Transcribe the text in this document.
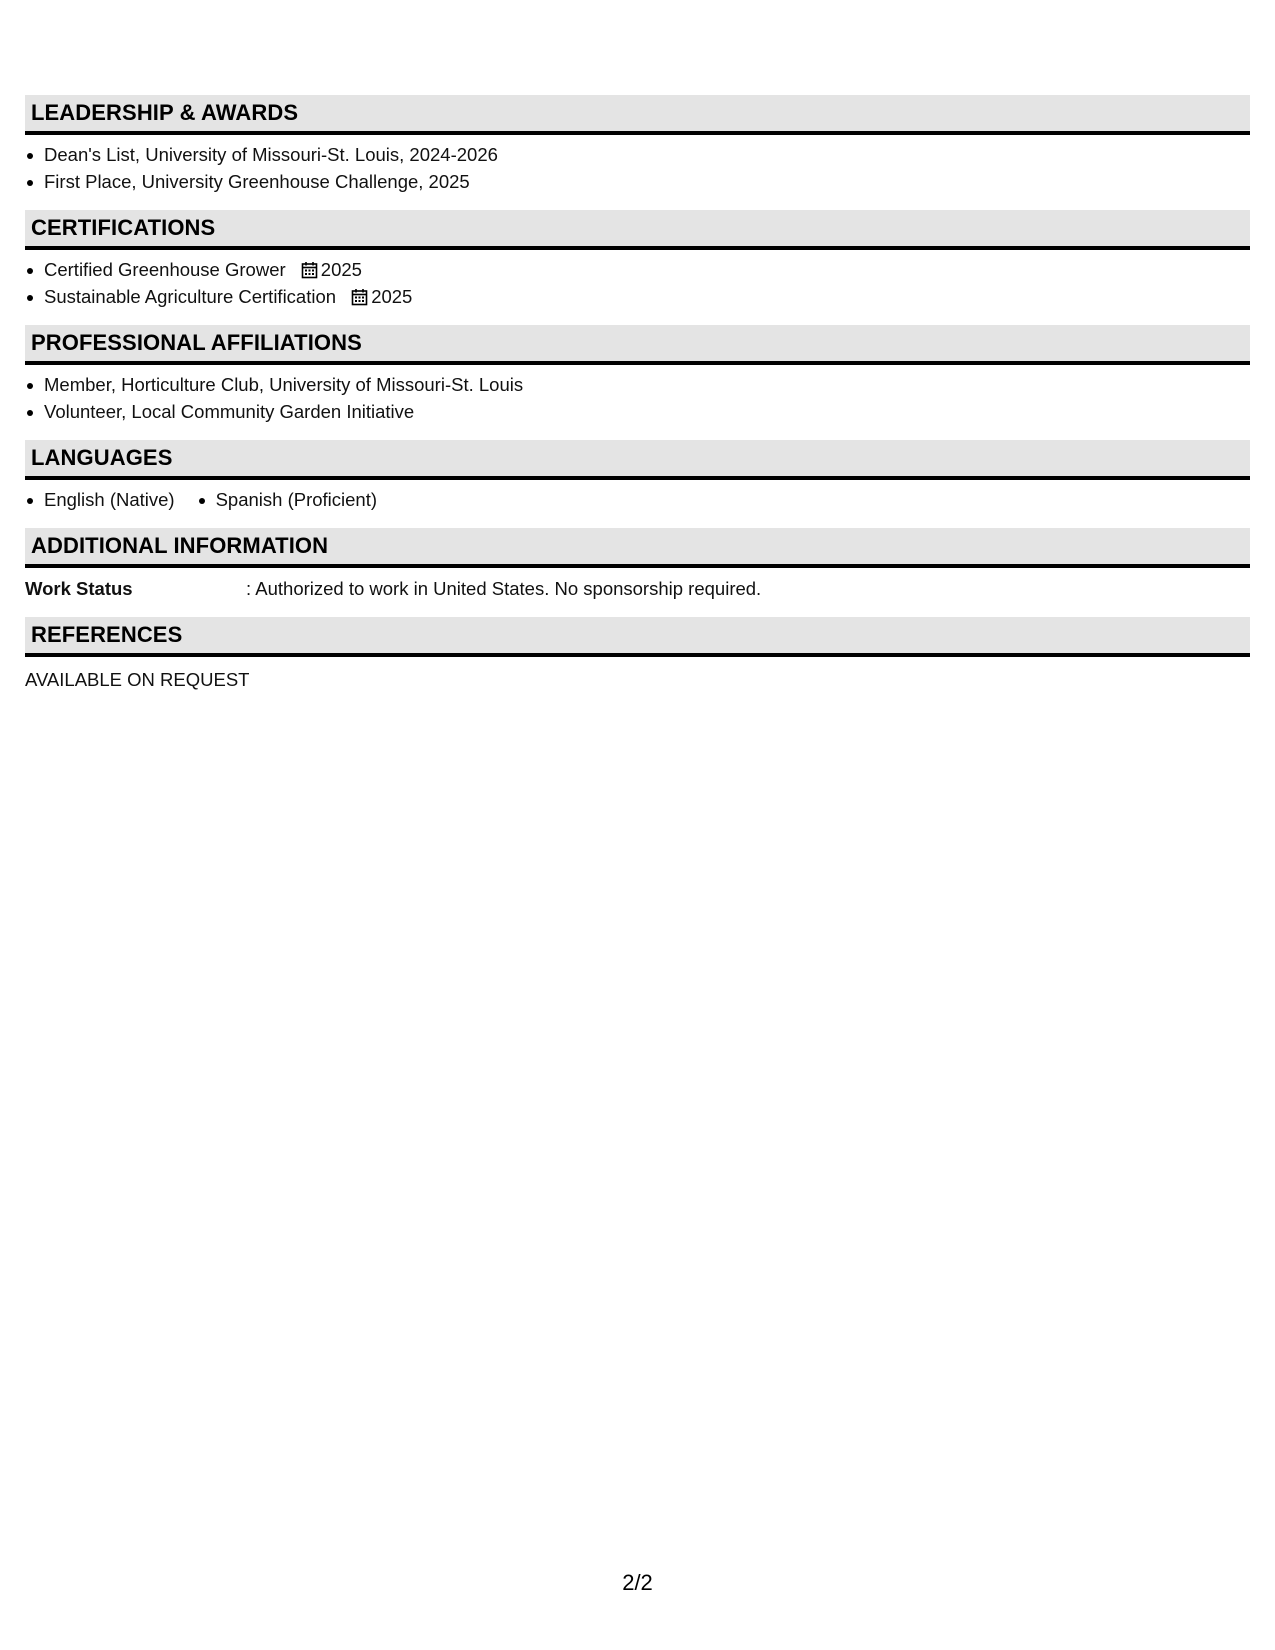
LEADERSHIP & AWARDS
Dean's List, University of Missouri-St. Louis, 2024-2026
First Place, University Greenhouse Challenge, 2025
CERTIFICATIONS
Certified Greenhouse Grower 2025
Sustainable Agriculture Certification 2025
PROFESSIONAL AFFILIATIONS
Member, Horticulture Club, University of Missouri-St. Louis
Volunteer, Local Community Garden Initiative
LANGUAGES
English (Native)	Spanish (Proficient)
ADDITIONAL INFORMATION
Work Status	: Authorized to work in United States. No sponsorship required.
REFERENCES
AVAILABLE ON REQUEST
2/2
